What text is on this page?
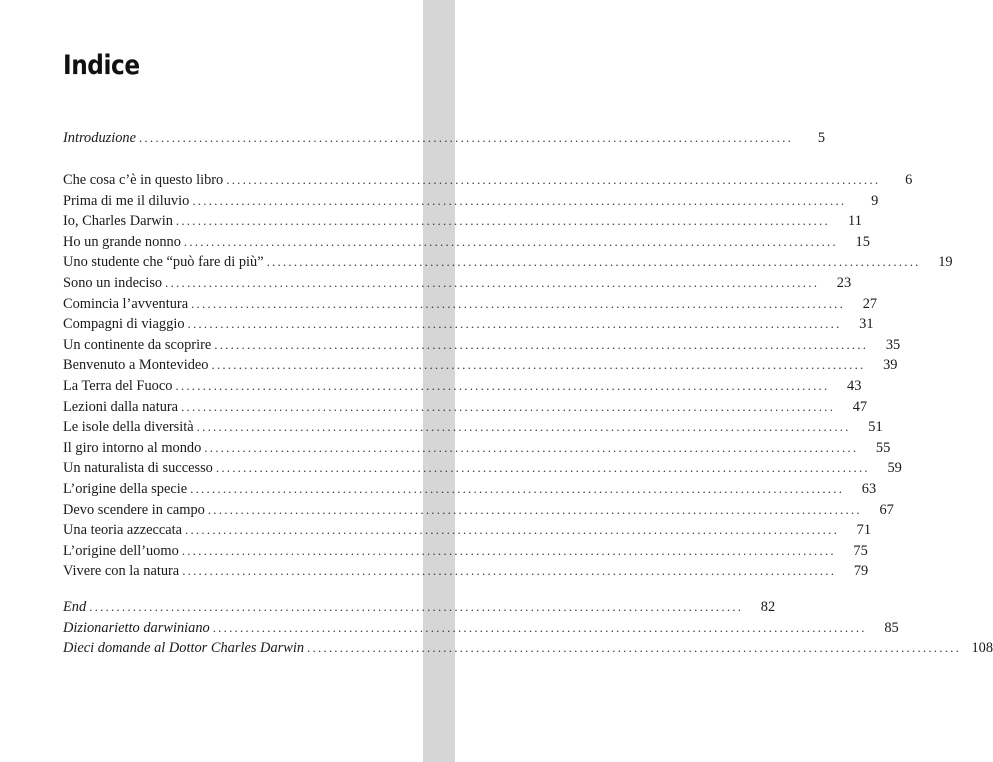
Indice
Introduzione ........................................................................................................................	5
Che cosa c’è in questo libro ........................................................................................................................	6
Prima di me il diluvio ........................................................................................................................	9
Io, Charles Darwin ........................................................................................................................	11
Ho un grande nonno ........................................................................................................................	15
Uno studente che “può fare di più” ........................................................................................................................	19
Sono un indeciso ........................................................................................................................	23
Comincia l’avventura ........................................................................................................................	27
Compagni di viaggio ........................................................................................................................	31
Un continente da scoprire ........................................................................................................................	35
Benvenuto a Montevideo ........................................................................................................................	39
La Terra del Fuoco ........................................................................................................................	43
Lezioni dalla natura ........................................................................................................................	47
Le isole della diversità ........................................................................................................................	51
Il giro intorno al mondo ........................................................................................................................	55
Un naturalista di successo ........................................................................................................................	59
L’origine della specie ........................................................................................................................	63
Devo scendere in campo ........................................................................................................................	67
Una teoria azzeccata ........................................................................................................................	71
L’origine dell’uomo ........................................................................................................................	75
Vivere con la natura ........................................................................................................................	79
End ........................................................................................................................	82
Dizionarietto darwiniano ........................................................................................................................	85
Dieci domande al Dottor Charles Darwin ........................................................................................................................ 108
